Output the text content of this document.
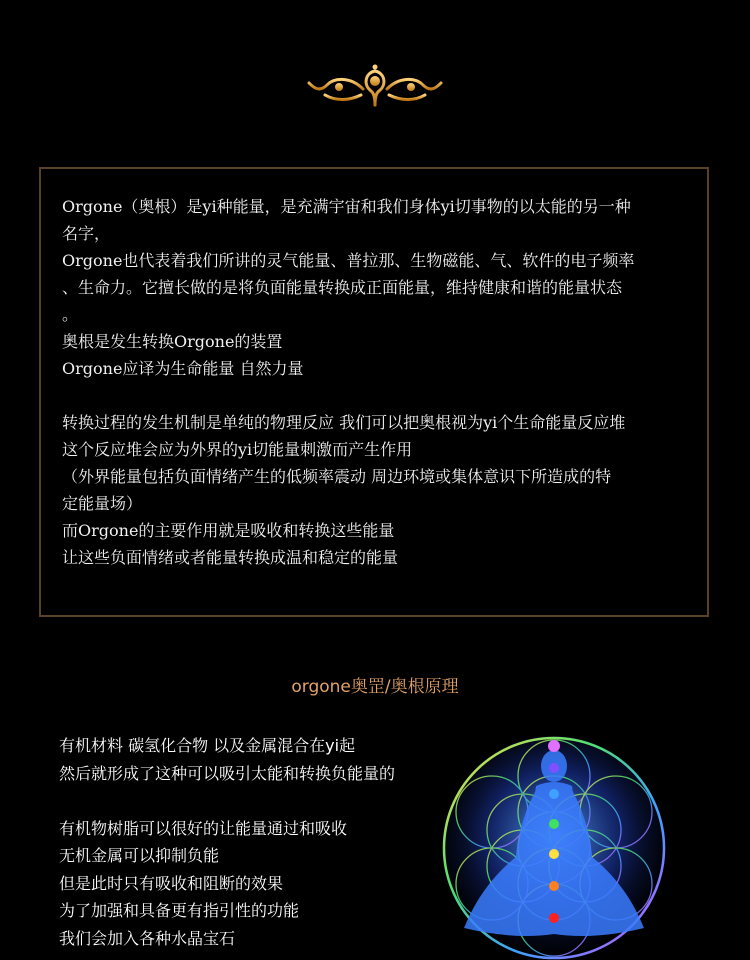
Orgone（奥根）是yi种能量，是充满宇宙和我们身体yi切事物的以太能的另一种
名字，
Orgone也代表着我们所讲的灵气能量、普拉那、生物磁能、气、软件的电子频率
、生命力。它擅长做的是将负面能量转换成正面能量，维持健康和谐的能量状态
。
奥根是发生转换Orgone的装置
Orgone应译为生命能量 自然力量
转换过程的发生机制是单纯的物理反应 我们可以把奥根视为yi个生命能量反应堆
这个反应堆会应为外界的yi切能量刺激而产生作用
（外界能量包括负面情绪产生的低频率震动 周边环境或集体意识下所造成的特
定能量场）
而Orgone的主要作用就是吸收和转换这些能量
让这些负面情绪或者能量转换成温和稳定的能量
orgone奥罡/奥根原理
有机材料 碳氢化合物 以及金属混合在yi起
然后就形成了这种可以吸引太能和转换负能量的
有机物树脂可以很好的让能量通过和吸收
无机金属可以抑制负能
但是此时只有吸收和阻断的效果
为了加强和具备更有指引性的功能
我们会加入各种水晶宝石
